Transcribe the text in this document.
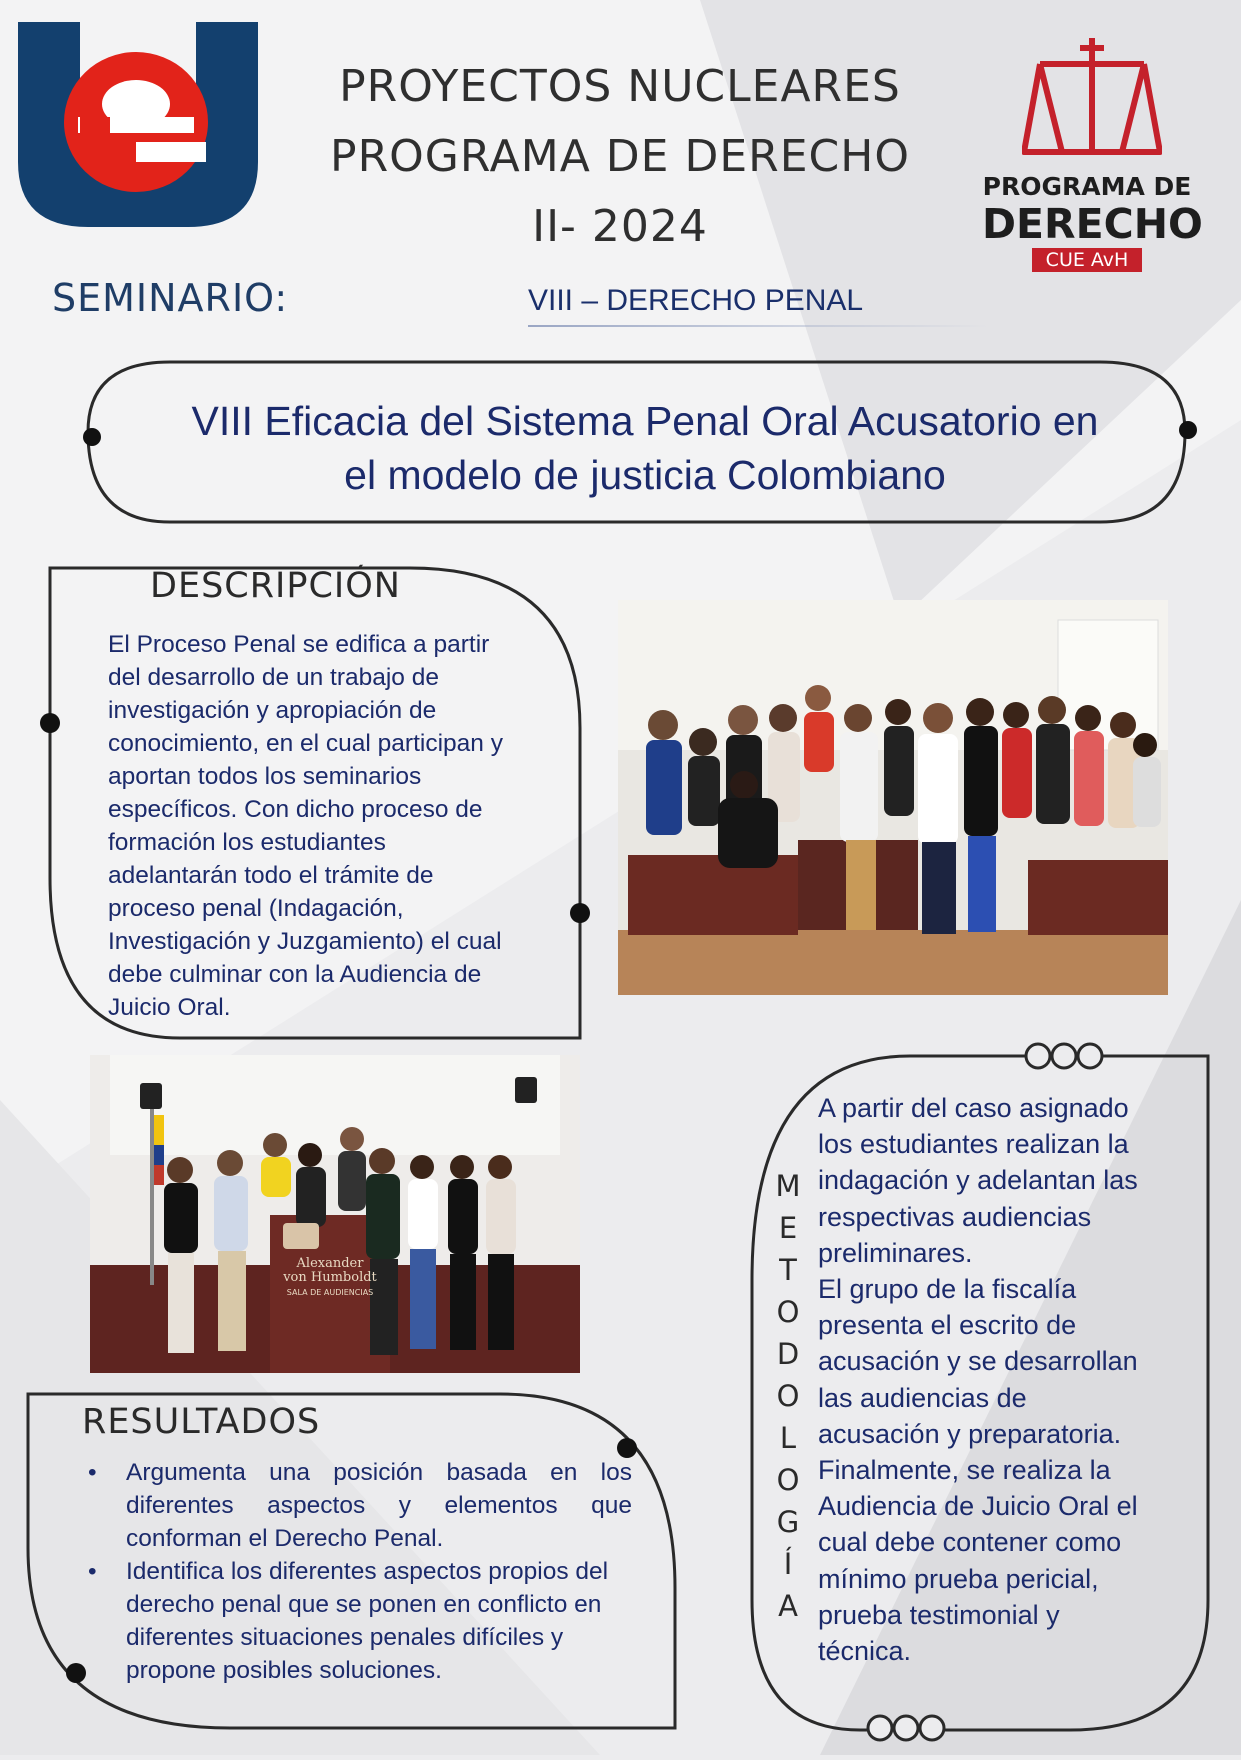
PROYECTOS NUCLEARES
PROGRAMA DE DERECHO
II- 2024
PROGRAMA DE
DERECHO
CUE AvH
SEMINARIO:	VIII – DERECHO PENAL
VIII Eficacia del Sistema Penal Oral Acusatorio en
el modelo de justicia Colombiano
DESCRIPCIÓN
El Proceso Penal se edifica a partir
del desarrollo de un trabajo de
investigación y apropiación de
conocimiento, en el cual participan y
aportan todos los seminarios
específicos. Con dicho proceso de
formación los estudiantes
adelantarán todo el trámite de
proceso penal (Indagación,
Investigación y Juzgamiento) el cual
debe culminar con la Audiencia de
Juicio Oral.
Alexander
von Humboldt
SALA DE AUDIENCIAS
M
E
T
O
D
O
L
O
G
Í
A
A partir del caso asignado
los estudiantes realizan la
indagación y adelantan las
respectivas audiencias
preliminares.
El grupo de la fiscalía
presenta el escrito de
acusación y se desarrollan
las audiencias de
acusación y preparatoria.
Finalmente, se realiza la
Audiencia de Juicio Oral el
cual debe contener como
mínimo prueba pericial,
prueba testimonial y
técnica.
RESULTADOS
• Argumenta una posición basada en los diferentes aspectos y elementos que conforman el Derecho Penal.
• Identifica los diferentes aspectos propios del derecho penal que se ponen en conflicto en diferentes situaciones penales difíciles y propone posibles soluciones.
